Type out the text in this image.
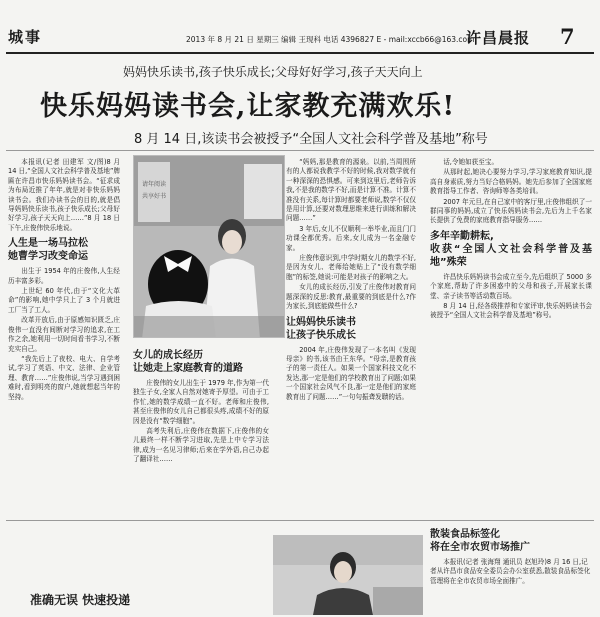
城事	2013 年 8 月 21 日 星期三 编辑 王现科 电话 4396827 E - mail:xccb66@163.com
许昌晨报 7
妈妈快乐读书,孩子快乐成长;父母好好学习,孩子天天向上
快乐妈妈读书会,让家教充满欢乐!
8 月 14 日,该读书会被授予“全国人文社会科学普及基地”称号

本报讯(记者 田建军 文/图)8 月 14 日,“全国人文社会科学普及基地”牌匾在许昌市快乐妈妈读书会。“征求成为布局近推了年年,就是对非快乐妈妈读书会。我们办读书会的目的,就是倡导妈妈快乐读书,孩子快乐成长;父母好好学习,孩子天天向上……”8 月 18 日下午,庄俊伟快乐地说。

人生是一场马拉松
她曹学习改变命运

出生于 1954 年的庄俊伟,人生经历丰富多彩。

上世纪 60 年代,由于“文化大革命”的影响,她中学只上了 3 个月就进工厂当了工人。

改革开放后,由于原感知识匮乏,庄俊伟一直没有间断对学习的追求,在工作之余,她利用一切时间看书学习,不断充实自己。

“我先后上了夜校、电大、自学考试,学习了英语、中文、法律、企业管理、教育……”庄俊伟说,当学习遇到困难时,看到明亮的窗户,她就想起当年的坚持。

请年阅读
共享好书
女儿的成长经历
让她走上家庭教育的道路

庄俊伟的女儿出生于 1979 年,作为第一代独生子女,全家人自然对她寄予厚望。可由于工作忙,她的数学成绩一直不好。老师和庄俊伟,甚至庄俊伟的女儿自己都很头疼,成绩不好的原因是没有“数学细胞”。

高考失利后,庄俊伟在数据下,庄俊伟的女儿最终一样不断学习进取,先是上中专学习法律,成为一名见习律师;后来在学外语,自己办起了翻译社……

“妈妈,那是教育的源泉。以前,当周围所有的人都说我教学不好的时候,我对数学就有一种深深的恐惧感。可来到这里后,老师告诉我,不是我的数学不好,而是计算不准。计算不准没有关系,每计算时都要老师说,数学不仅仅是用计算,还要对数理思维来进行训练和解决问题……”

3 年后,女儿不仅顺利一举毕业,而且门门功课全都优秀。后来,女儿成为一名金融专家。

庄俊伟意识到,中学时期女儿的数学不好,是因为女儿、老师给她贴上了“没有数学细胞”的标签,她说:可能是对孩子的影响之大。

女儿的成长经历,引发了庄俊伟对教育问题深深的反思:教育,最重要的到底是什么?作为家长,到底能做些什么?

让妈妈快乐读书
让孩子快乐成长

2004 年,庄俊伟发现了一本名叫《发现母亲》的书,该书由王东华。“母亲,是教育孩子的第一责任人。如果一个国家科技文化不发达,那一定是他们的学校教育出了问题;如果一个国家社会风气不良,那一定是他们的家庭教育出了问题……”一句句振聋发聩的话。

话,令她如获至宝。

从那时起,她决心要努力学习,学习家庭教育知识,提高自身素质,努力当好合格妈妈。她先后参加了全国家庭教育指导工作者、咨询师等各类培训。

2007 年元旦,在自己家中的客厅里,庄俊伟组织了一群同事的妈妈,成立了快乐妈妈读书会,先后为上千名家长提供了免费的家庭教育指导服务……

多年辛勤耕耘,
收获“全国人文社会科学普及基地”殊荣

许昌快乐妈妈读书会成立至今,先后组织了 5000 多个家庭,帮助了许多困惑中的父母和孩子,开展家长课堂、亲子读书等活动数百场。

8 月 14 日,经各级推荐和专家评审,快乐妈妈读书会被授予“全国人文社会科学普及基地”称号。

散装食品标签化
将在全市农贸市场推广
本报讯(记者 张海翔 通讯员 赵旭玲)8 月 16 日,记者从许昌市食品安全委员会办公室获悉,散装食品标签化管理将在全市农贸市场全面推广。
准确无误 快速投递
